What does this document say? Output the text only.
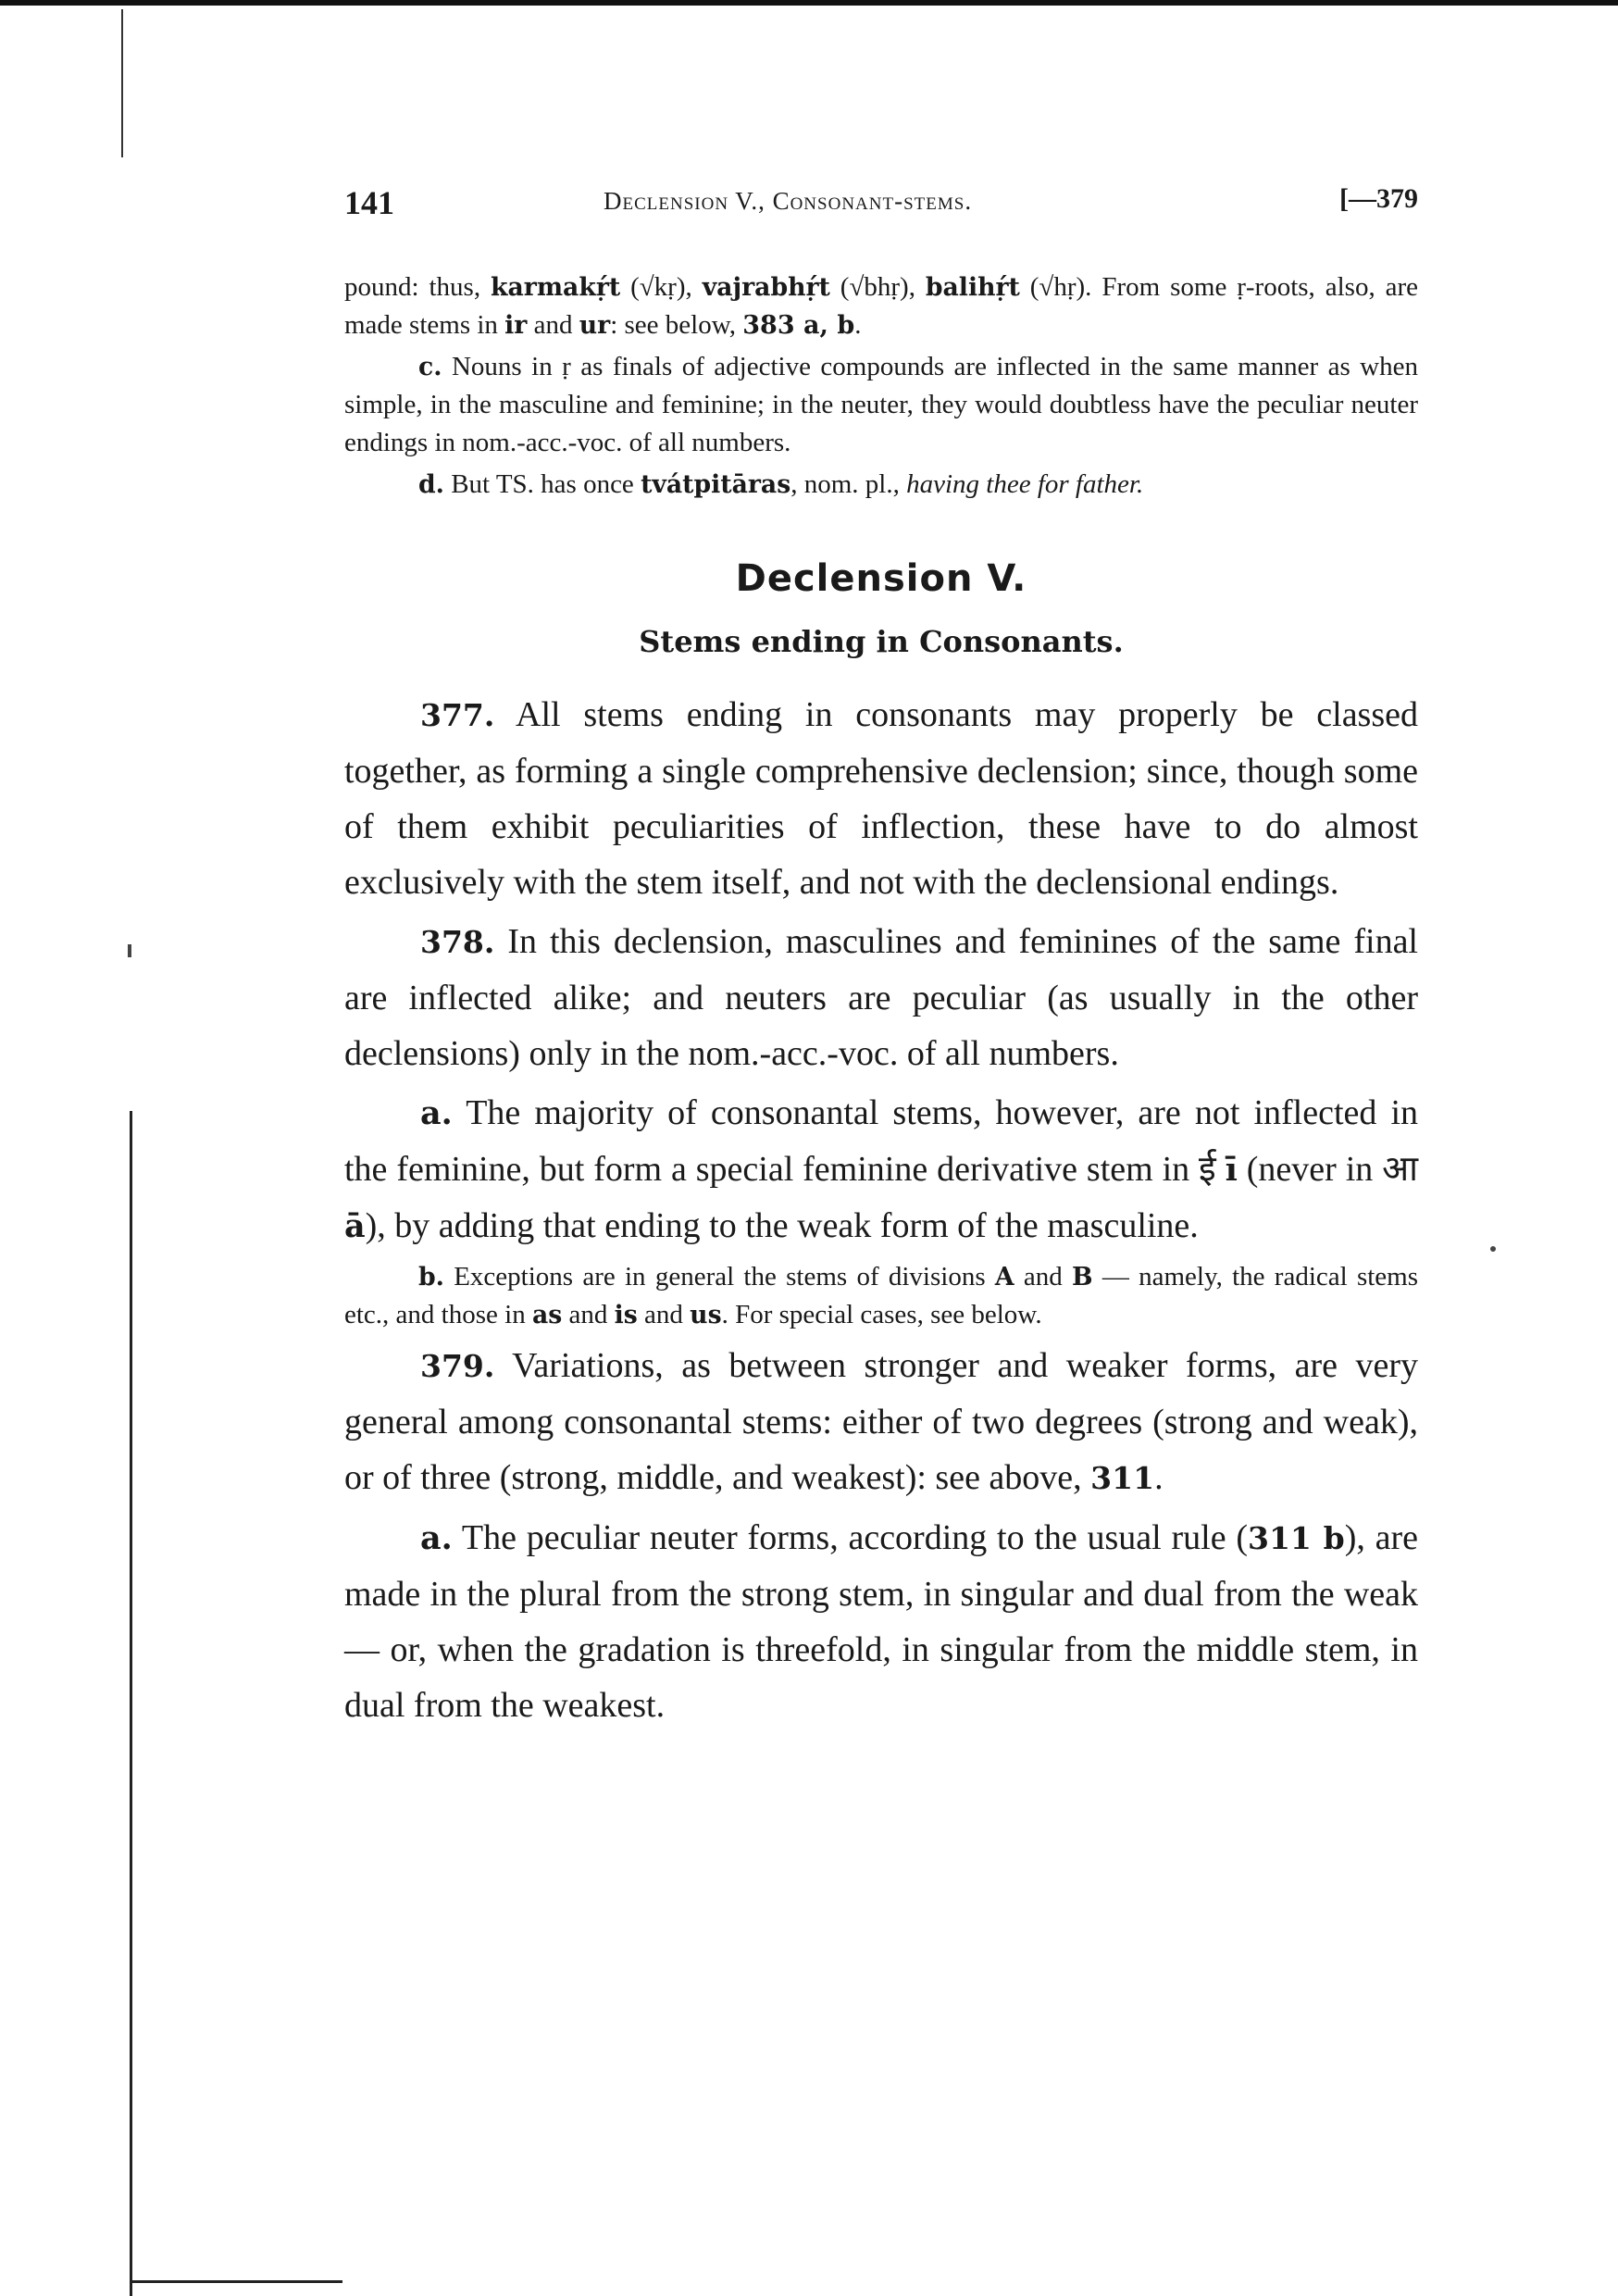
141	Declension V., Consonant-stems.	[—379

pound: thus, karmakṛ́t (√kṛ), vajrabhṛ́t (√bhṛ), balihṛ́t (√hṛ). From some ṛ-roots, also, are made stems in ir and ur: see below, 383 a, b.

c. Nouns in ṛ as finals of adjective compounds are inflected in the same manner as when simple, in the masculine and feminine; in the neuter, they would doubtless have the peculiar neuter endings in nom.-acc.-voc. of all numbers.

d. But TS. has once tvátpitāras, nom. pl., having thee for father.

Declension V.
Stems ending in Consonants.

377. All stems ending in consonants may properly be classed together, as forming a single comprehensive declension; since, though some of them exhibit peculiarities of inflection, these have to do almost exclusively with the stem itself, and not with the declensional endings.

378. In this declension, masculines and feminines of the same final are inflected alike; and neuters are peculiar (as usually in the other declensions) only in the nom.-acc.-voc. of all numbers.

a. The majority of consonantal stems, however, are not inflected in the feminine, but form a special feminine derivative stem in ई ī (never in आ ā), by adding that ending to the weak form of the masculine.

b. Exceptions are in general the stems of divisions A and B — namely, the radical stems etc., and those in as and is and us. For special cases, see below.

379. Variations, as between stronger and weaker forms, are very general among consonantal stems: either of two degrees (strong and weak), or of three (strong, middle, and weakest): see above, 311.

a. The peculiar neuter forms, according to the usual rule (311 b), are made in the plural from the strong stem, in singular and dual from the weak — or, when the gradation is threefold, in singular from the middle stem, in dual from the weakest.
